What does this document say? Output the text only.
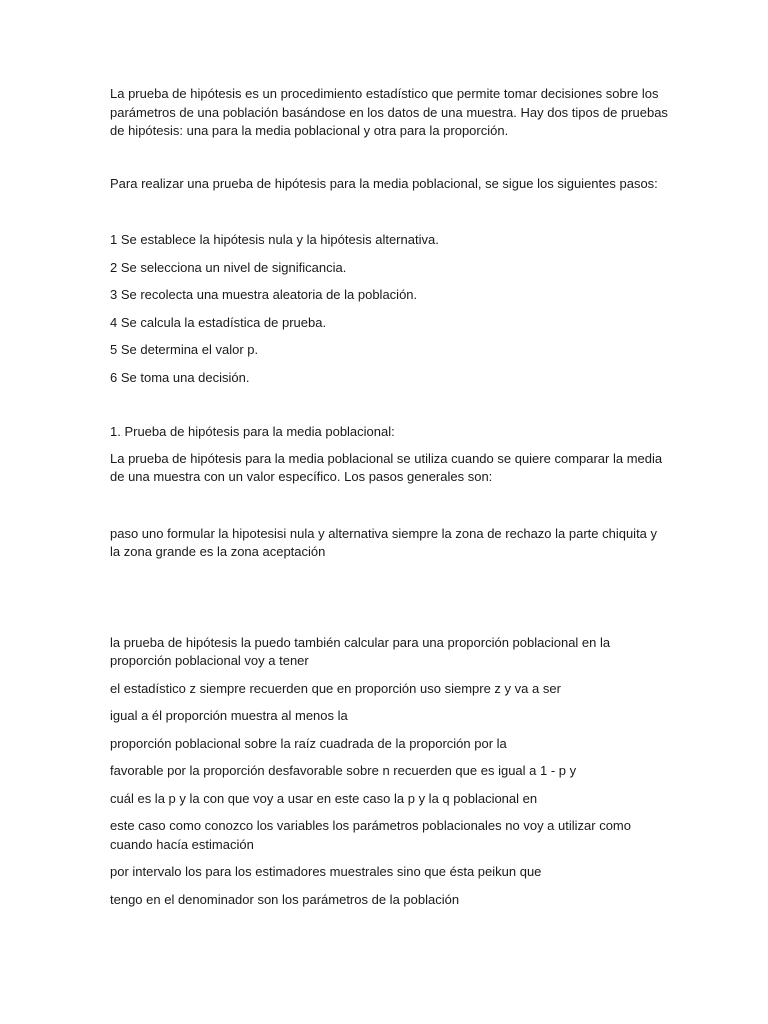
La prueba de hipótesis es un procedimiento estadístico que permite tomar decisiones sobre los parámetros de una población basándose en los datos de una muestra. Hay dos tipos de pruebas de hipótesis: una para la media poblacional y otra para la proporción.

Para realizar una prueba de hipótesis para la media poblacional, se sigue los siguientes pasos:

1 Se establece la hipótesis nula y la hipótesis alternativa.

2 Se selecciona un nivel de significancia.

3 Se recolecta una muestra aleatoria de la población.

4 Se calcula la estadística de prueba.

5 Se determina el valor p.

6 Se toma una decisión.

1. Prueba de hipótesis para la media poblacional:

La prueba de hipótesis para la media poblacional se utiliza cuando se quiere comparar la media de una muestra con un valor específico. Los pasos generales son:

paso uno formular la hipotesisi nula y alternativa siempre la zona de rechazo la parte chiquita y la zona grande es la zona aceptación

la prueba de hipótesis la puedo también calcular para una proporción poblacional en la proporción poblacional voy a tener

el estadístico z siempre recuerden que en proporción uso siempre z y va a ser

igual a él proporción muestra al menos la

proporción poblacional sobre la raíz cuadrada de la proporción por la

favorable por la proporción desfavorable sobre n recuerden que es igual a 1 - p y

cuál es la p y la con que voy a usar en este caso la p y la q poblacional en

este caso como conozco los variables los parámetros poblacionales no voy a utilizar como cuando hacía estimación

por intervalo los para los estimadores muestrales sino que ésta peikun que

tengo en el denominador son los parámetros de la población
